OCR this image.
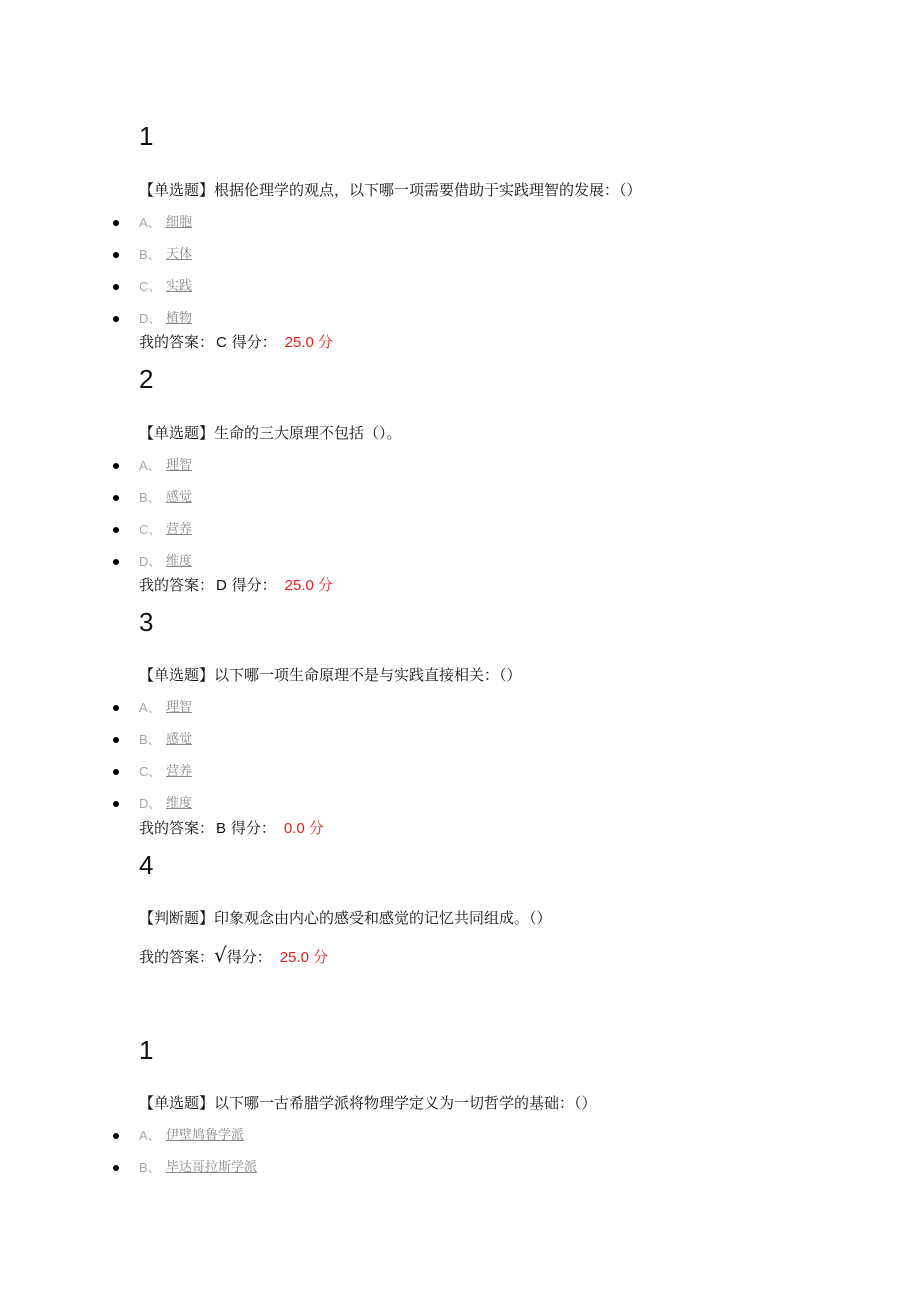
1
【单选题】根据伦理学的观点，以下哪一项需要借助于实践理智的发展：（）
A、 细胞
B、 天体
C、 实践
D、 植物
我的答案： C 得分： 25.0 分
2
【单选题】生命的三大原理不包括（）。
A、 理智
B、 感觉
C、 营养
D、 维度
我的答案： D 得分： 25.0 分
3
【单选题】以下哪一项生命原理不是与实践直接相关：（）
A、 理智
B、 感觉
C、 营养
D、 维度
我的答案： B 得分： 0.0 分
4
【判断题】印象观念由内心的感受和感觉的记忆共同组成。（）
我的答案：√得分： 25.0 分
1
【单选题】以下哪一古希腊学派将物理学定义为一切哲学的基础：（）
A、 伊壁鸠鲁学派
B、 毕达哥拉斯学派
